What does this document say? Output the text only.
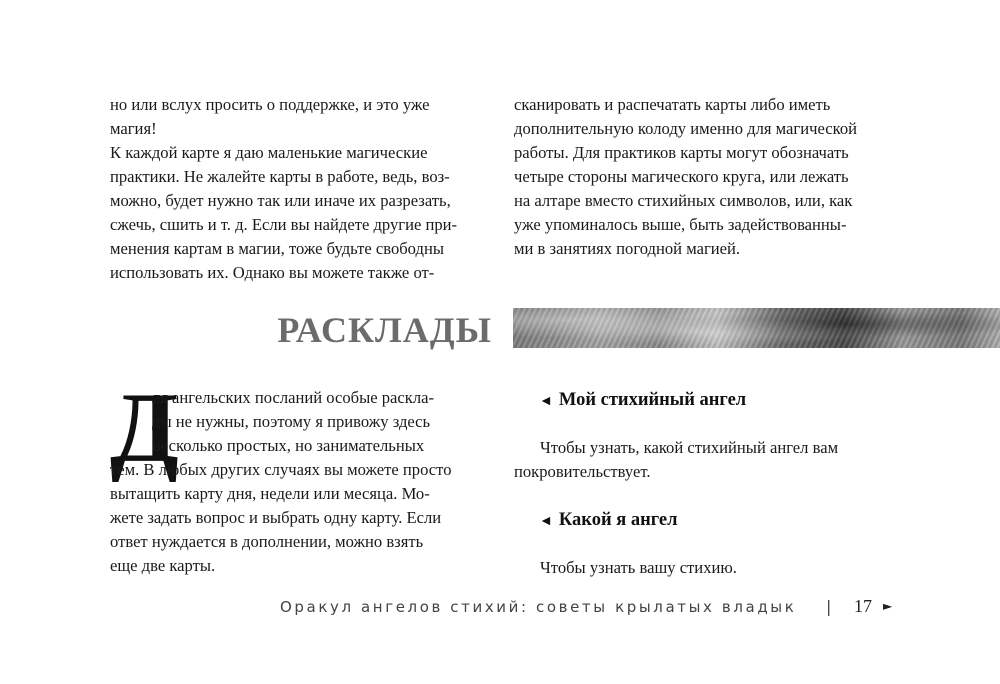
но или вслух просить о поддержке, и это уже
магия!
К каждой карте я даю маленькие магические
практики. Не жалейте карты в работе, ведь, воз-
можно, будет нужно так или иначе их разрезать,
сжечь, сшить и т. д. Если вы найдете другие при-
менения картам в магии, тоже будьте свободны
использовать их. Однако вы можете также от-

сканировать и распечатать карты либо иметь
дополнительную колоду именно для магической
работы. Для практиков карты могут обозначать
четыре стороны магического круга, или лежать
на алтаре вместо стихийных символов, или, как
уже упоминалось выше, быть задействованны-
ми в занятиях погодной магией.

РАСКЛАДЫ
Д

ля ангельских посланий особые раскла-
ды не нужны, поэтому я привожу здесь
несколько простых, но занимательных
тем. В любых других случаях вы можете просто
вытащить карту дня, недели или месяца. Мо-
жете задать вопрос и выбрать одну карту. Если
ответ нуждается в дополнении, можно взять
еще две карты.

◄ Мой стихийный ангел

Чтобы узнать, какой стихийный ангел вам
покровительствует.

◄ Какой я ангел

Чтобы узнать вашу стихию.

Оракул ангелов стихий: советы крылатых владык | 17 ►
